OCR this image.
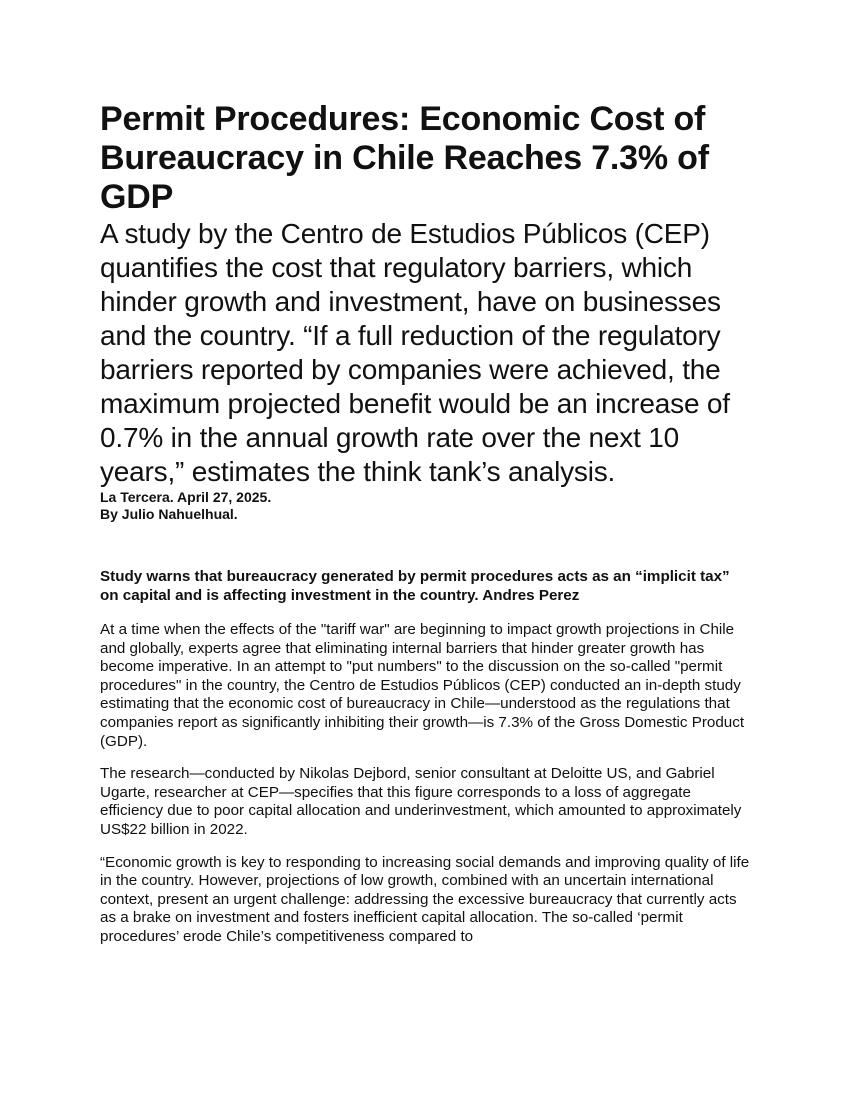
Permit Procedures: Economic Cost of Bureaucracy in Chile Reaches 7.3% of GDP

A study by the Centro de Estudios Públicos (CEP) quantifies the cost that regulatory barriers, which hinder growth and investment, have on businesses and the country. “If a full reduction of the regulatory barriers reported by companies were achieved, the maximum projected benefit would be an increase of 0.7% in the annual growth rate over the next 10 years,” estimates the think tank’s analysis.

La Tercera. April 27, 2025.

By Julio Nahuelhual.

Study warns that bureaucracy generated by permit procedures acts as an “implicit tax” on capital and is affecting investment in the country. Andres Perez

At a time when the effects of the "tariff war" are beginning to impact growth projections in Chile and globally, experts agree that eliminating internal barriers that hinder greater growth has become imperative. In an attempt to "put numbers" to the discussion on the so-called "permit procedures" in the country, the Centro de Estudios Públicos (CEP) conducted an in-depth study estimating that the economic cost of bureaucracy in Chile—understood as the regulations that companies report as significantly inhibiting their growth—is 7.3% of the Gross Domestic Product (GDP).

The research—conducted by Nikolas Dejbord, senior consultant at Deloitte US, and Gabriel Ugarte, researcher at CEP—specifies that this figure corresponds to a loss of aggregate efficiency due to poor capital allocation and underinvestment, which amounted to approximately US$22 billion in 2022.

“Economic growth is key to responding to increasing social demands and improving quality of life in the country. However, projections of low growth, combined with an uncertain international context, present an urgent challenge: addressing the excessive bureaucracy that currently acts as a brake on investment and fosters inefficient capital allocation. The so-called ‘permit procedures’ erode Chile’s competitiveness compared to
